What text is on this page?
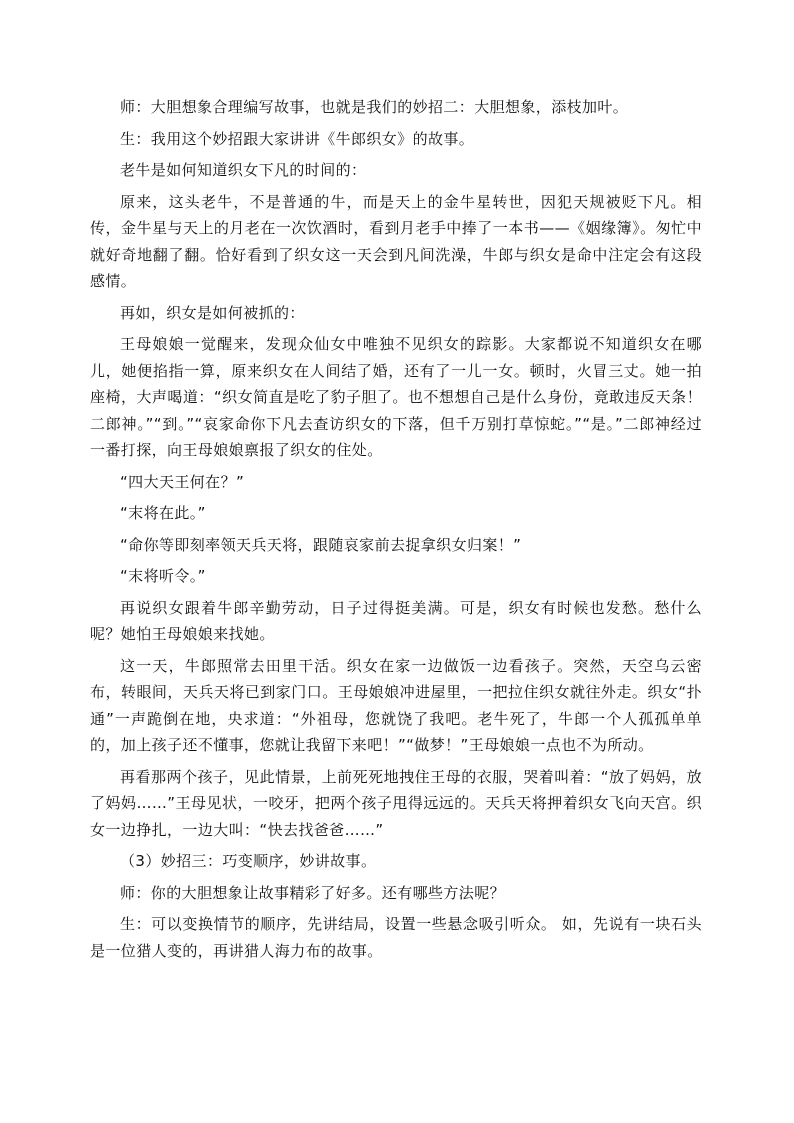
师：大胆想象合理编写故事，也就是我们的妙招二：大胆想象，添枝加叶。

生：我用这个妙招跟大家讲讲《牛郎织女》的故事。

老牛是如何知道织女下凡的时间的：

原来，这头老牛，不是普通的牛，而是天上的金牛星转世，因犯天规被贬下凡。相传，金牛星与天上的月老在一次饮酒时，看到月老手中捧了一本书——《姻缘簿》。匆忙中就好奇地翻了翻。恰好看到了织女这一天会到凡间洗澡，牛郎与织女是命中注定会有这段感情。

再如，织女是如何被抓的：

王母娘娘一觉醒来，发现众仙女中唯独不见织女的踪影。大家都说不知道织女在哪儿，她便掐指一算，原来织女在人间结了婚，还有了一儿一女。顿时，火冒三丈。她一拍座椅，大声喝道：“织女简直是吃了豹子胆了。也不想想自己是什么身份，竟敢违反天条！二郎神。”“到。”“哀家命你下凡去查访织女的下落，但千万别打草惊蛇。”“是。”二郎神经过一番打探，向王母娘娘禀报了织女的住处。

“四大天王何在？”

“末将在此。”

“命你等即刻率领天兵天将，跟随哀家前去捉拿织女归案！”

“末将听令。”

再说织女跟着牛郎辛勤劳动，日子过得挺美满。可是，织女有时候也发愁。愁什么呢？她怕王母娘娘来找她。

这一天，牛郎照常去田里干活。织女在家一边做饭一边看孩子。突然，天空乌云密布，转眼间，天兵天将已到家门口。王母娘娘冲进屋里，一把拉住织女就往外走。织女“扑通”一声跪倒在地，央求道：“外祖母，您就饶了我吧。老牛死了，牛郎一个人孤孤单单的，加上孩子还不懂事，您就让我留下来吧！”“做梦！”王母娘娘一点也不为所动。

再看那两个孩子，见此情景，上前死死地拽住王母的衣服，哭着叫着：“放了妈妈，放了妈妈……”王母见状，一咬牙，把两个孩子甩得远远的。天兵天将押着织女飞向天宫。织女一边挣扎，一边大叫：“快去找爸爸……”

（3）妙招三：巧变顺序，妙讲故事。

师：你的大胆想象让故事精彩了好多。还有哪些方法呢？

生：可以变换情节的顺序，先讲结局，设置一些悬念吸引听众。 如，先说有一块石头是一位猎人变的，再讲猎人海力布的故事。
